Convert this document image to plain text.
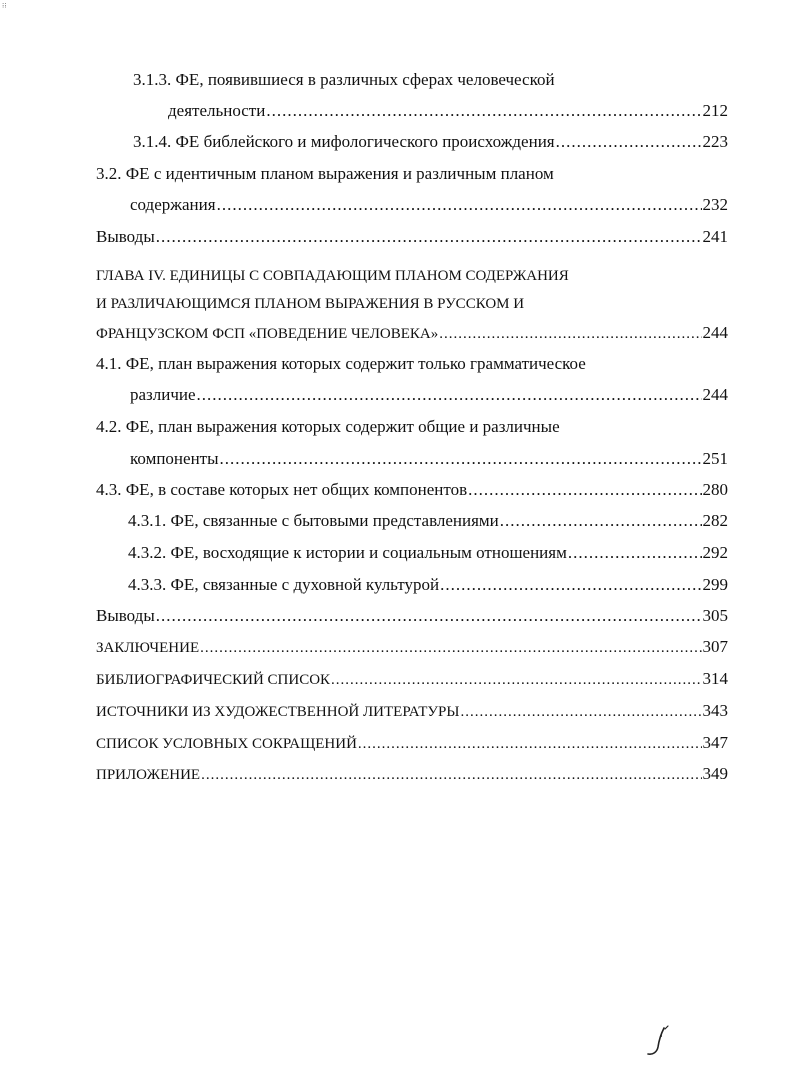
⁝⁝
3.1.3. ФЕ, появившиеся в различных сферах человеческой
деятельности .....	212
3.1.4. ФЕ библейского и мифологического происхождения .....	223
3.2. ФЕ с идентичным планом выражения и различным планом
содержания .....	232
Выводы .....	241
ГЛАВА IV. ЕДИНИЦЫ С СОВПАДАЮЩИМ ПЛАНОМ СОДЕРЖАНИЯ
И РАЗЛИЧАЮЩИМСЯ ПЛАНОМ ВЫРАЖЕНИЯ В РУССКОМ И
ФРАНЦУЗСКОМ ФСП «ПОВЕДЕНИЕ ЧЕЛОВЕКА» .....	244
4.1. ФЕ, план выражения которых содержит только грамматическое
различие .....	244
4.2. ФЕ, план выражения которых содержит общие и различные
компоненты .....	251
4.3. ФЕ, в составе которых нет общих компонентов .....	280
4.3.1. ФЕ, связанные с бытовыми представлениями .....	282
4.3.2. ФЕ, восходящие к истории и социальным отношениям .....	292
4.3.3. ФЕ, связанные с духовной культурой .....	299
Выводы .....	305
ЗАКЛЮЧЕНИЕ .....	307
БИБЛИОГРАФИЧЕСКИЙ СПИСОК .....	314
ИСТОЧНИКИ ИЗ ХУДОЖЕСТВЕННОЙ ЛИТЕРАТУРЫ .....	343
СПИСОК УСЛОВНЫХ СОКРАЩЕНИЙ .....	347
ПРИЛОЖЕНИЕ .....	349
